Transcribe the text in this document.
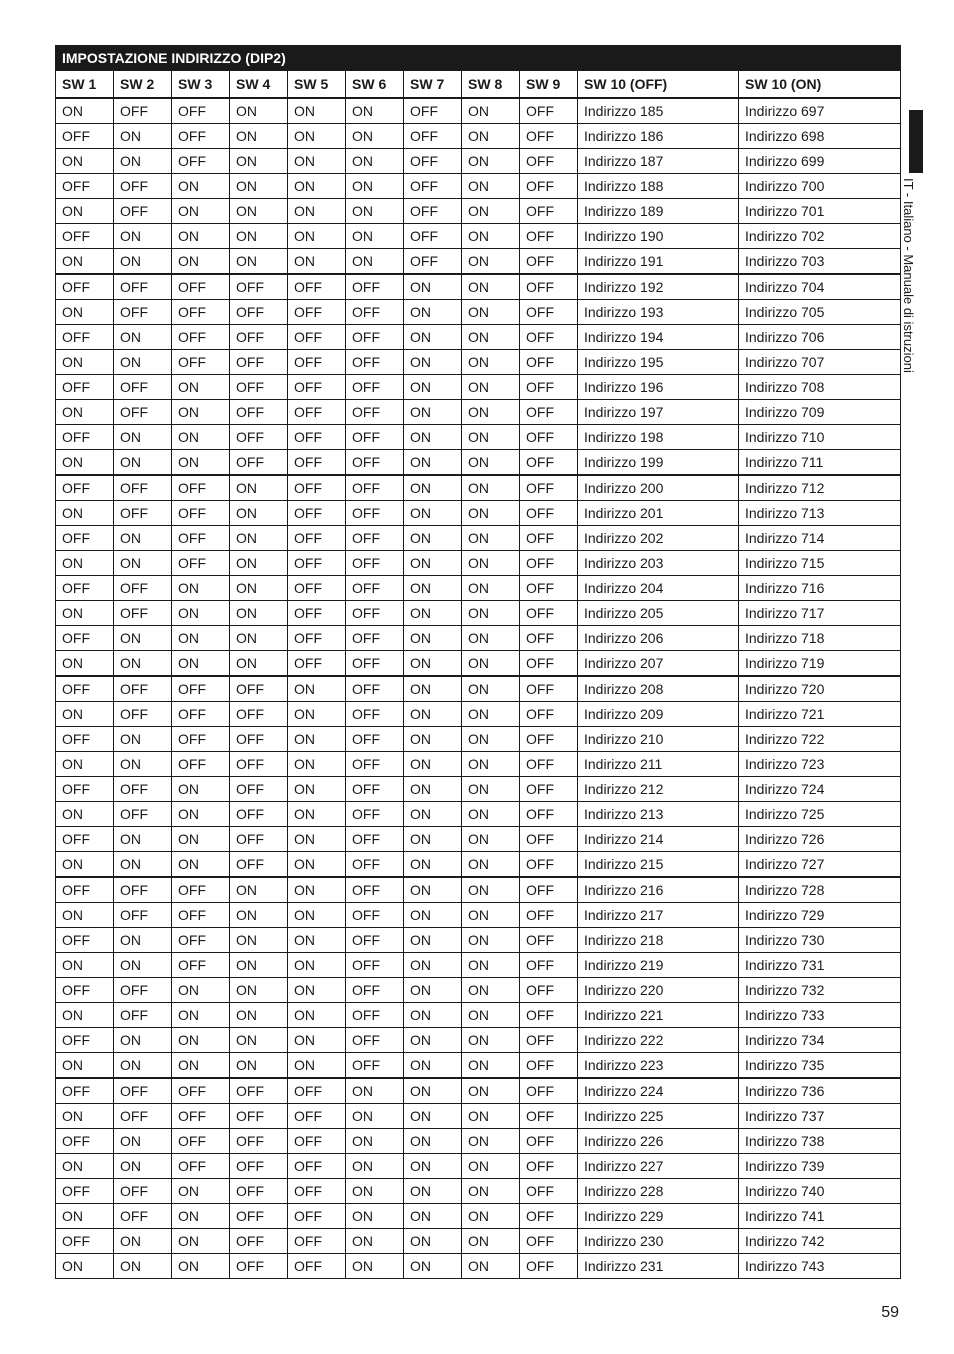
IMPOSTAZIONE INDIRIZZO (DIP2)										
SW 1	SW 2	SW 3	SW 4	SW 5	SW 6	SW 7	SW 8	SW 9	SW 10 (OFF)	SW 10 (ON)
ON	OFF	OFF	ON	ON	ON	OFF	ON	OFF	Indirizzo 185	Indirizzo 697
OFF	ON	OFF	ON	ON	ON	OFF	ON	OFF	Indirizzo 186	Indirizzo 698
ON	ON	OFF	ON	ON	ON	OFF	ON	OFF	Indirizzo 187	Indirizzo 699
OFF	OFF	ON	ON	ON	ON	OFF	ON	OFF	Indirizzo 188	Indirizzo 700
ON	OFF	ON	ON	ON	ON	OFF	ON	OFF	Indirizzo 189	Indirizzo 701
OFF	ON	ON	ON	ON	ON	OFF	ON	OFF	Indirizzo 190	Indirizzo 702
ON	ON	ON	ON	ON	ON	OFF	ON	OFF	Indirizzo 191	Indirizzo 703
OFF	OFF	OFF	OFF	OFF	OFF	ON	ON	OFF	Indirizzo 192	Indirizzo 704
ON	OFF	OFF	OFF	OFF	OFF	ON	ON	OFF	Indirizzo 193	Indirizzo 705
OFF	ON	OFF	OFF	OFF	OFF	ON	ON	OFF	Indirizzo 194	Indirizzo 706
ON	ON	OFF	OFF	OFF	OFF	ON	ON	OFF	Indirizzo 195	Indirizzo 707
OFF	OFF	ON	OFF	OFF	OFF	ON	ON	OFF	Indirizzo 196	Indirizzo 708
ON	OFF	ON	OFF	OFF	OFF	ON	ON	OFF	Indirizzo 197	Indirizzo 709
OFF	ON	ON	OFF	OFF	OFF	ON	ON	OFF	Indirizzo 198	Indirizzo 710
ON	ON	ON	OFF	OFF	OFF	ON	ON	OFF	Indirizzo 199	Indirizzo 711
OFF	OFF	OFF	ON	OFF	OFF	ON	ON	OFF	Indirizzo 200	Indirizzo 712
ON	OFF	OFF	ON	OFF	OFF	ON	ON	OFF	Indirizzo 201	Indirizzo 713
OFF	ON	OFF	ON	OFF	OFF	ON	ON	OFF	Indirizzo 202	Indirizzo 714
ON	ON	OFF	ON	OFF	OFF	ON	ON	OFF	Indirizzo 203	Indirizzo 715
OFF	OFF	ON	ON	OFF	OFF	ON	ON	OFF	Indirizzo 204	Indirizzo 716
ON	OFF	ON	ON	OFF	OFF	ON	ON	OFF	Indirizzo 205	Indirizzo 717
OFF	ON	ON	ON	OFF	OFF	ON	ON	OFF	Indirizzo 206	Indirizzo 718
ON	ON	ON	ON	OFF	OFF	ON	ON	OFF	Indirizzo 207	Indirizzo 719
OFF	OFF	OFF	OFF	ON	OFF	ON	ON	OFF	Indirizzo 208	Indirizzo 720
ON	OFF	OFF	OFF	ON	OFF	ON	ON	OFF	Indirizzo 209	Indirizzo 721
OFF	ON	OFF	OFF	ON	OFF	ON	ON	OFF	Indirizzo 210	Indirizzo 722
ON	ON	OFF	OFF	ON	OFF	ON	ON	OFF	Indirizzo 211	Indirizzo 723
OFF	OFF	ON	OFF	ON	OFF	ON	ON	OFF	Indirizzo 212	Indirizzo 724
ON	OFF	ON	OFF	ON	OFF	ON	ON	OFF	Indirizzo 213	Indirizzo 725
OFF	ON	ON	OFF	ON	OFF	ON	ON	OFF	Indirizzo 214	Indirizzo 726
ON	ON	ON	OFF	ON	OFF	ON	ON	OFF	Indirizzo 215	Indirizzo 727
OFF	OFF	OFF	ON	ON	OFF	ON	ON	OFF	Indirizzo 216	Indirizzo 728
ON	OFF	OFF	ON	ON	OFF	ON	ON	OFF	Indirizzo 217	Indirizzo 729
OFF	ON	OFF	ON	ON	OFF	ON	ON	OFF	Indirizzo 218	Indirizzo 730
ON	ON	OFF	ON	ON	OFF	ON	ON	OFF	Indirizzo 219	Indirizzo 731
OFF	OFF	ON	ON	ON	OFF	ON	ON	OFF	Indirizzo 220	Indirizzo 732
ON	OFF	ON	ON	ON	OFF	ON	ON	OFF	Indirizzo 221	Indirizzo 733
OFF	ON	ON	ON	ON	OFF	ON	ON	OFF	Indirizzo 222	Indirizzo 734
ON	ON	ON	ON	ON	OFF	ON	ON	OFF	Indirizzo 223	Indirizzo 735
OFF	OFF	OFF	OFF	OFF	ON	ON	ON	OFF	Indirizzo 224	Indirizzo 736
ON	OFF	OFF	OFF	OFF	ON	ON	ON	OFF	Indirizzo 225	Indirizzo 737
OFF	ON	OFF	OFF	OFF	ON	ON	ON	OFF	Indirizzo 226	Indirizzo 738
ON	ON	OFF	OFF	OFF	ON	ON	ON	OFF	Indirizzo 227	Indirizzo 739
OFF	OFF	ON	OFF	OFF	ON	ON	ON	OFF	Indirizzo 228	Indirizzo 740
ON	OFF	ON	OFF	OFF	ON	ON	ON	OFF	Indirizzo 229	Indirizzo 741
OFF	ON	ON	OFF	OFF	ON	ON	ON	OFF	Indirizzo 230	Indirizzo 742
ON	ON	ON	OFF	OFF	ON	ON	ON	OFF	Indirizzo 231	Indirizzo 743
IT - Italiano - Manuale di istruzioni
59
